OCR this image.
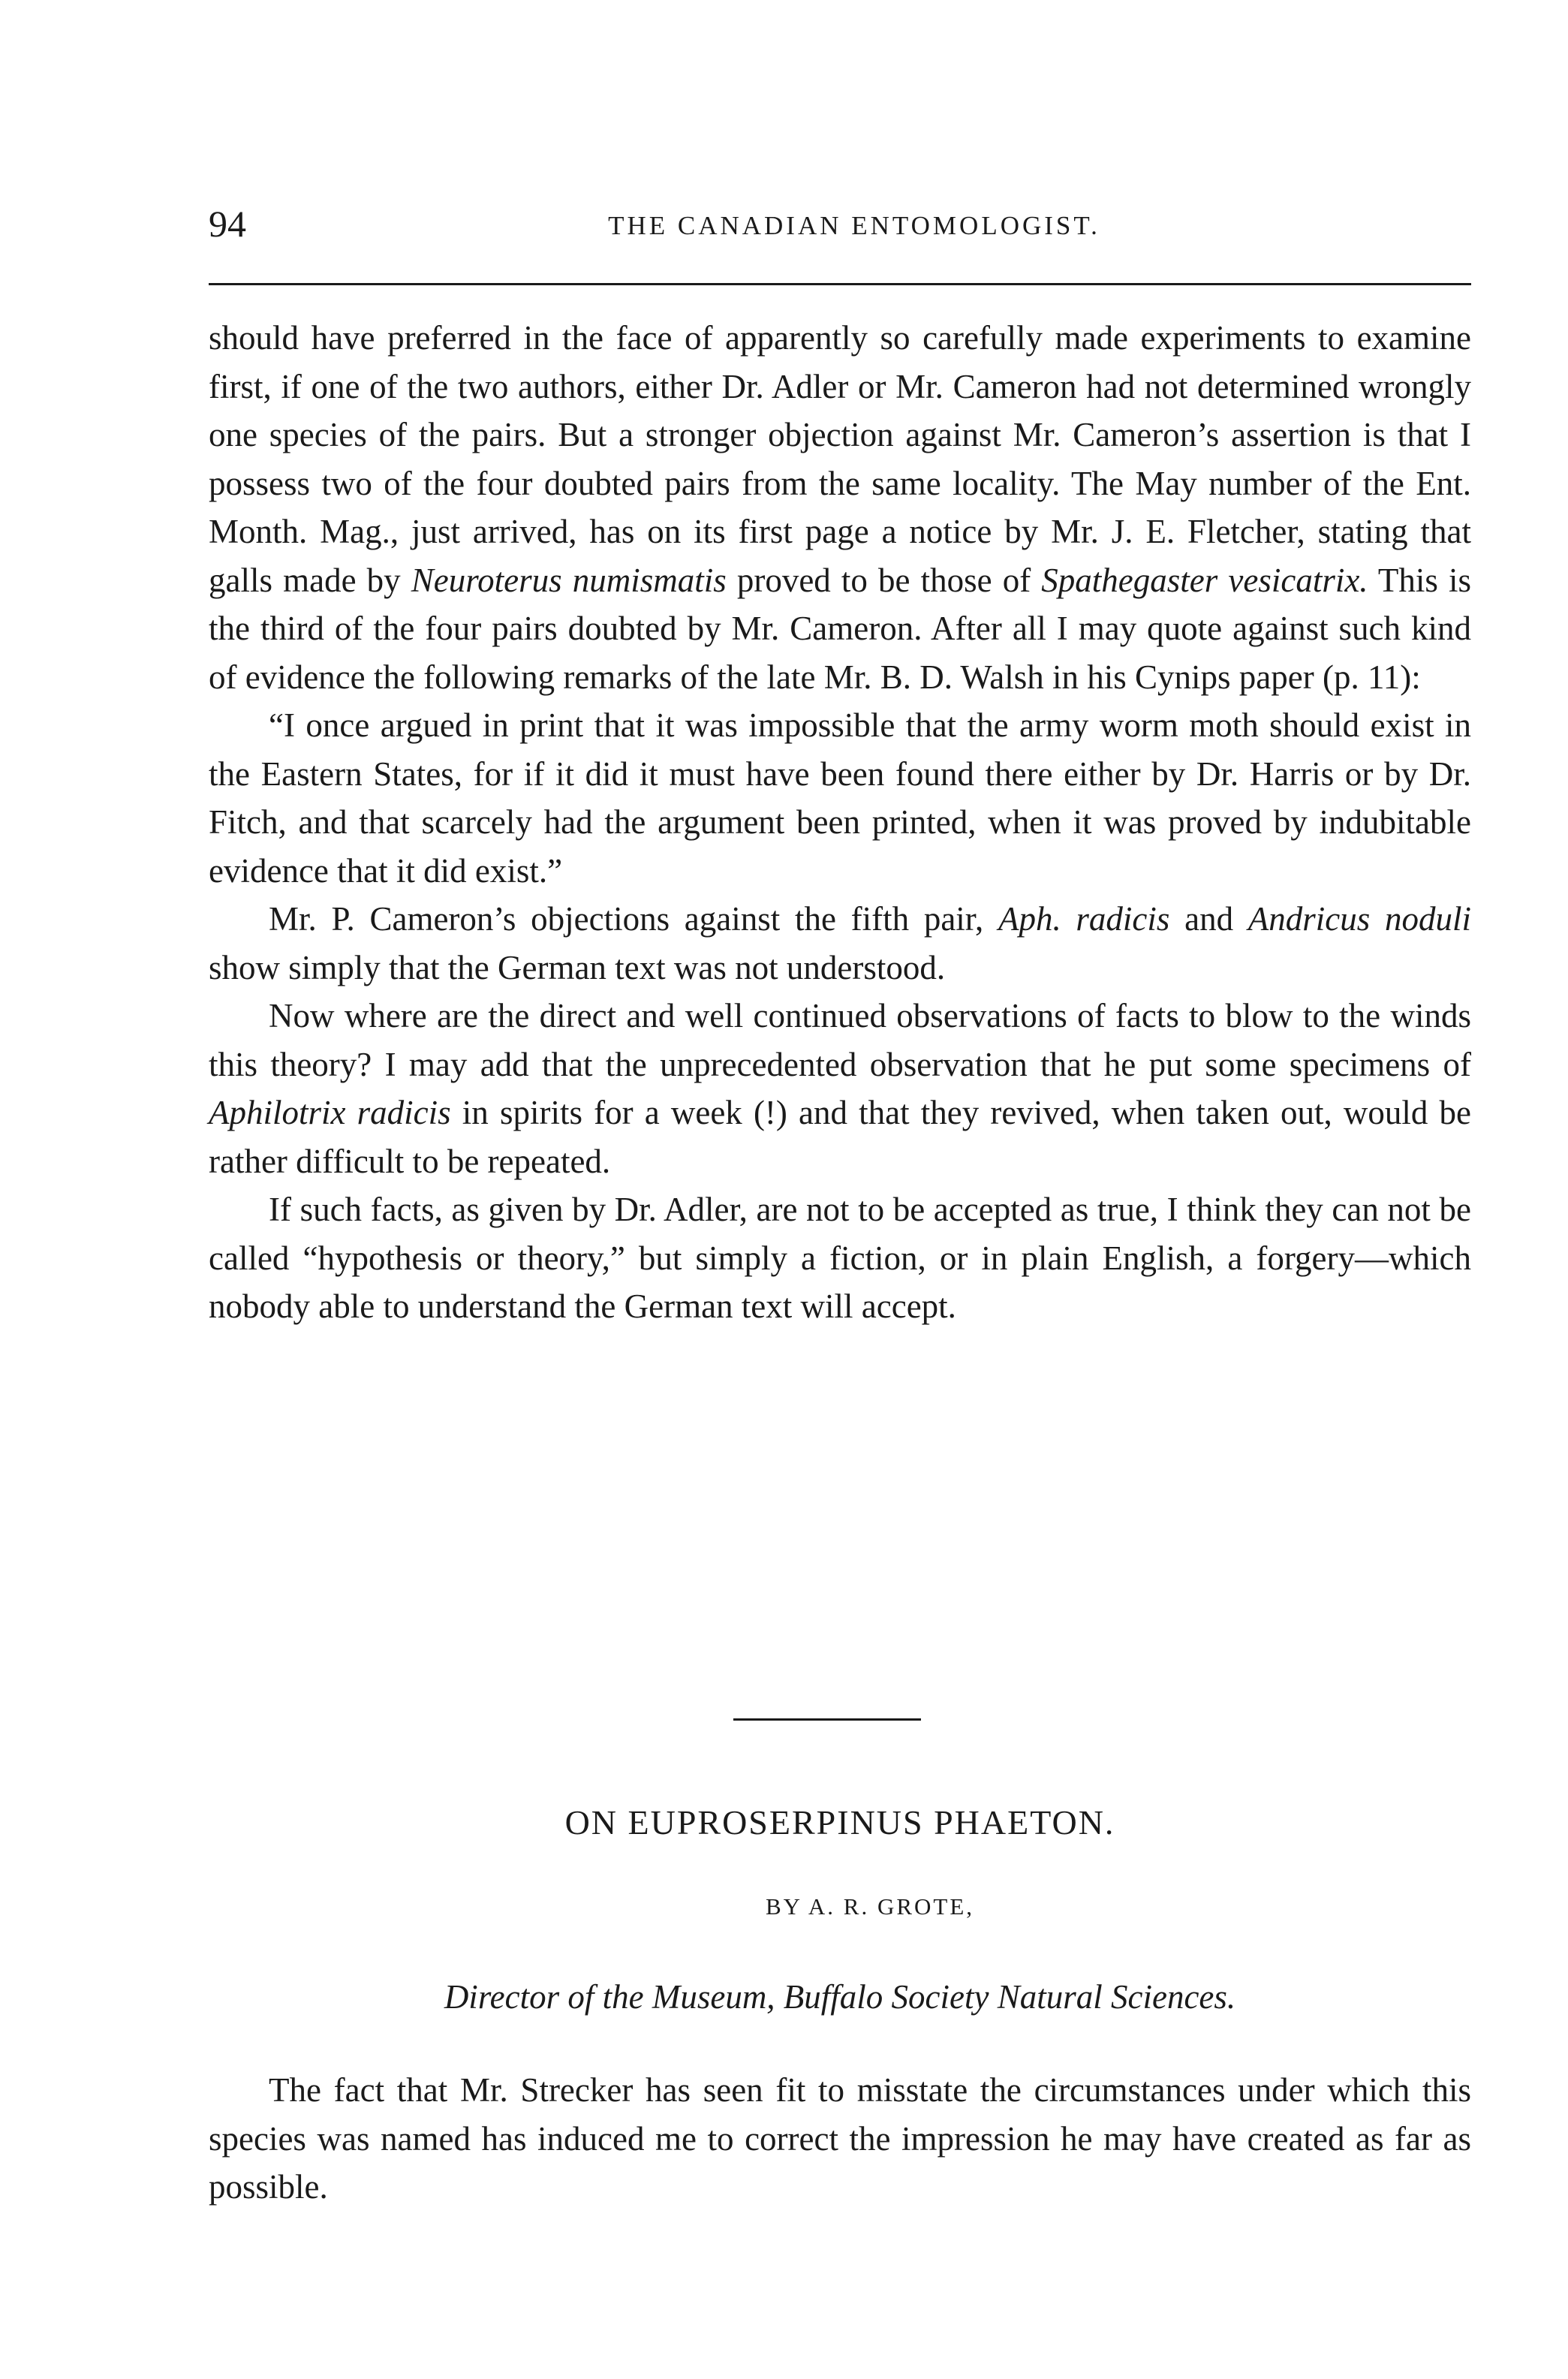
94	THE CANADIAN ENTOMOLOGIST.

should have preferred in the face of apparently so carefully made experiments to examine first, if one of the two authors, either Dr. Adler or Mr. Cameron had not determined wrongly one species of the pairs. But a stronger objection against Mr. Cameron’s assertion is that I possess two of the four doubted pairs from the same locality. The May number of the Ent. Month. Mag., just arrived, has on its first page a notice by Mr. J. E. Fletcher, stating that galls made by Neuroterus numismatis proved to be those of Spathegaster vesicatrix. This is the third of the four pairs doubted by Mr. Cameron. After all I may quote against such kind of evidence the following remarks of the late Mr. B. D. Walsh in his Cynips paper (p. 11):

“I once argued in print that it was impossible that the army worm moth should exist in the Eastern States, for if it did it must have been found there either by Dr. Harris or by Dr. Fitch, and that scarcely had the argument been printed, when it was proved by indubitable evidence that it did exist.”

Mr. P. Cameron’s objections against the fifth pair, Aph. radicis and Andricus noduli show simply that the German text was not understood.

Now where are the direct and well continued observations of facts to blow to the winds this theory? I may add that the unprecedented observation that he put some specimens of Aphilotrix radicis in spirits for a week (!) and that they revived, when taken out, would be rather difficult to be repeated.

If such facts, as given by Dr. Adler, are not to be accepted as true, I think they can not be called “hypothesis or theory,” but simply a fiction, or in plain English, a forgery—which nobody able to understand the German text will accept.

ON EUPROSERPINUS PHAETON.
BY A. R. GROTE,
Director of the Museum, Buffalo Society Natural Sciences.

The fact that Mr. Strecker has seen fit to misstate the circumstances under which this species was named has induced me to correct the impression he may have created as far as possible.
